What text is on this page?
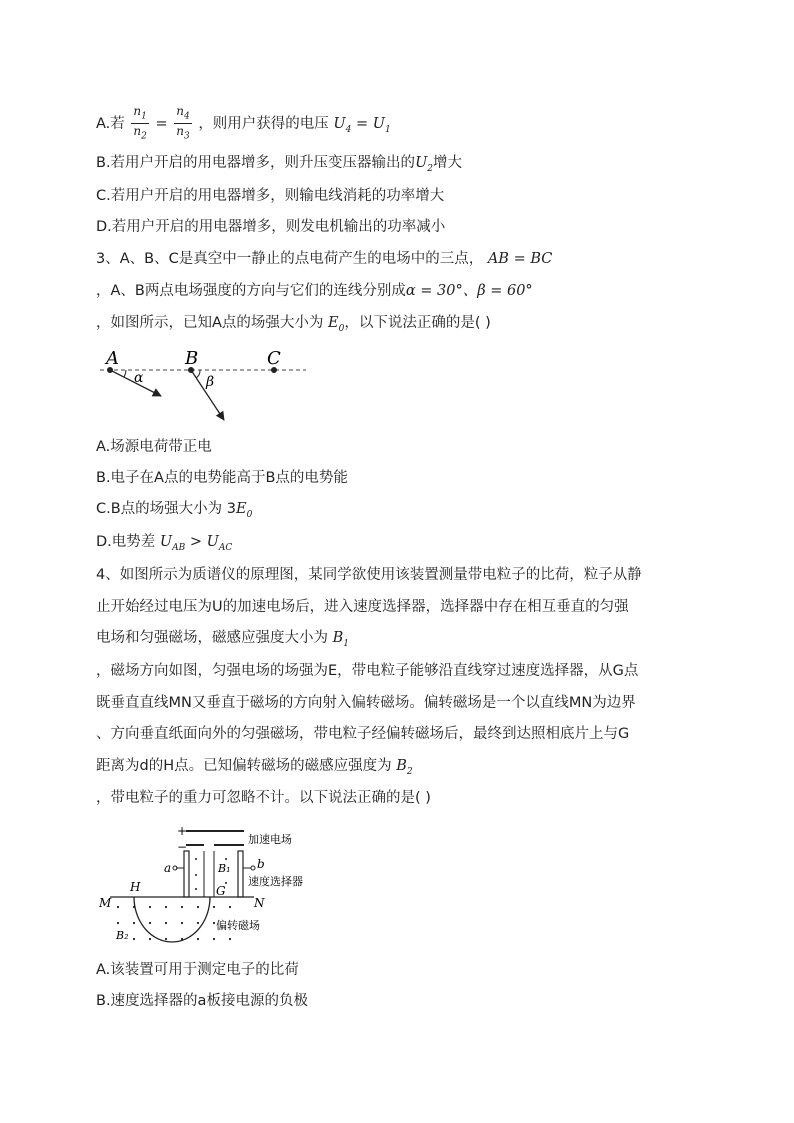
A.若 $\frac{n_1}{n_2} = \frac{n_4}{n_3}$ ，则用户获得的电压 $U_4 = U_1$
B.若用户开启的用电器增多，则升压变压器输出的$U_2$增大
C.若用户开启的用电器增多，则输电线消耗的功率增大
D.若用户开启的用电器增多，则发电机输出的功率减小
3、A、B、C是真空中一静止的点电荷产生的电场中的三点， AB = BC
，A、B两点电场强度的方向与它们的连线分别成α = 30°、β = 60°
，如图所示，已知A点的场强大小为 $E_0$，以下说法正确的是( )
A	B	C
α	β
A.场源电荷带正电
B.电子在A点的电势能高于B点的电势能
C.B点的场强大小为 $3E_0$
D.电势差 $U_{AB} > U_{AC}$
4、如图所示为质谱仪的原理图，某同学欲使用该装置测量带电粒子的比荷，粒子从静
止开始经过电压为U的加速电场后，进入速度选择器，选择器中存在相互垂直的匀强
电场和匀强磁场，磁感应强度大小为 $B_1$
，磁场方向如图，匀强电场的场强为E，带电粒子能够沿直线穿过速度选择器，从G点
既垂直直线MN又垂直于磁场的方向射入偏转磁场。偏转磁场是一个以直线MN为边界
、方向垂直纸面向外的匀强磁场，带电粒子经偏转磁场后，最终到达照相底片上与G
距离为d的H点。已知偏转磁场的磁感应强度为 $B_2$
，带电粒子的重力可忽略不计。以下说法正确的是( )
+
−
加速电场
a	b
B₁
速度选择器
M	N
H	G
偏转磁场
B₂
A.该装置可用于测定电子的比荷
B.速度选择器的a板接电源的负极
